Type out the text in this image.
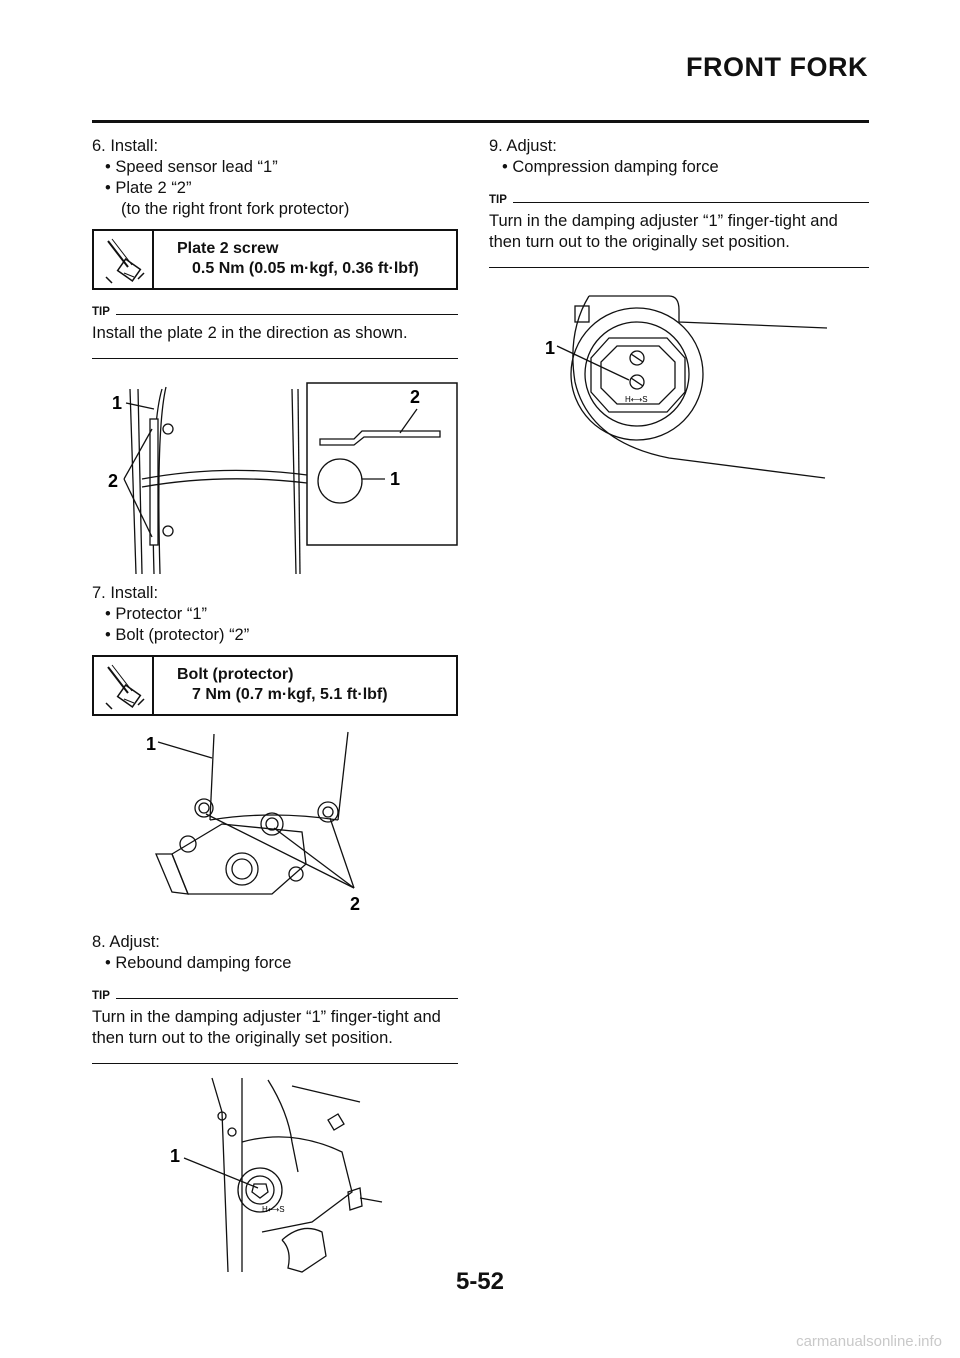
FRONT FORK

6. Install:

• Speed sensor lead “1”

• Plate 2 “2”

(to the right front fork protector)

Plate 2 screw
0.5 Nm (0.05 m·kgf, 0.36 ft·lbf)
TIP

Install the plate 2 in the direction as shown.

1
2
2
1

7. Install:

• Protector “1”

• Bolt (protector) “2”

Bolt (protector)
7 Nm (0.7 m·kgf, 5.1 ft·lbf)
1
2

8. Adjust:

• Rebound damping force

TIP

Turn in the damping adjuster “1” finger-tight and then turn out to the originally set position.

H⟷S
1

9. Adjust:

• Compression damping force

TIP

Turn in the damping adjuster “1” finger-tight and then turn out to the originally set position.

H⟷S
1
5-52
carmanualsonline.info
